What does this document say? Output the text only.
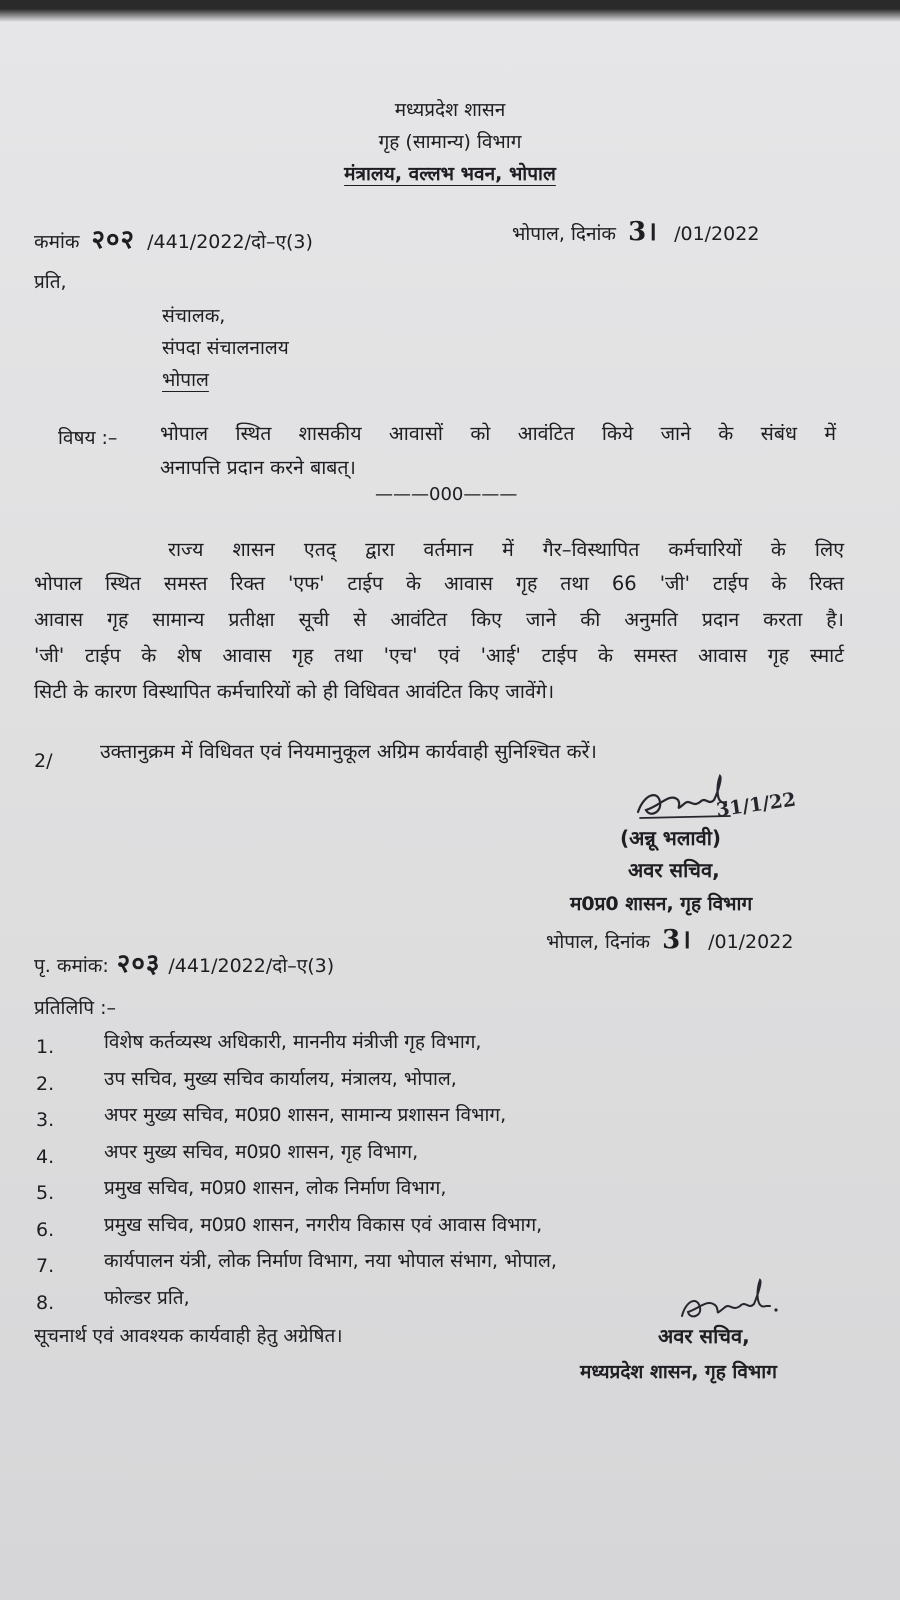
मध्यप्रदेश शासन
गृह (सामान्य) विभाग
मंत्रालय, वल्लभ भवन, भोपाल
कमांक २०२ /441/2022/दो–ए(3)	भोपाल, दिनांक 3। /01/2022
प्रति,
संचालक,
संपदा संचालनालय
भोपाल
विषय :– भोपाल स्थित शासकीय आवासों को आवंटित किये जाने के संबंध में
अनापत्ति प्रदान करने बाबत्।
———000———
राज्य शासन एतद् द्वारा वर्तमान में गैर–विस्थापित कर्मचारियों के लिए
भोपाल स्थित समस्त रिक्त 'एफ' टाईप के आवास गृह तथा 66 'जी' टाईप के रिक्त
आवास गृह सामान्य प्रतीक्षा सूची से आवंटित किए जाने की अनुमति प्रदान करता है।
'जी' टाईप के शेष आवास गृह तथा 'एच' एवं 'आई' टाईप के समस्त आवास गृह स्मार्ट
सिटी के कारण विस्थापित कर्मचारियों को ही विधिवत आवंटित किए जावेंगे।
2/ उक्तानुक्रम में विधिवत एवं नियमानुकूल अग्रिम कार्यवाही सुनिश्चित करें।
31/1/22
(अन्नू भलावी)
अवर सचिव,
म0प्र0 शासन, गृह विभाग
भोपाल, दिनांक 3। /01/2022
पृ. कमांक: २०३ /441/2022/दो–ए(3)
प्रतिलिपि :–
1.	विशेष कर्तव्यस्थ अधिकारी, माननीय मंत्रीजी गृह विभाग,
2.	उप सचिव, मुख्य सचिव कार्यालय, मंत्रालय, भोपाल,
3.	अपर मुख्य सचिव, म0प्र0 शासन, सामान्य प्रशासन विभाग,
4.	अपर मुख्य सचिव, म0प्र0 शासन, गृह विभाग,
5.	प्रमुख सचिव, म0प्र0 शासन, लोक निर्माण विभाग,
6.	प्रमुख सचिव, म0प्र0 शासन, नगरीय विकास एवं आवास विभाग,
7.	कार्यपालन यंत्री, लोक निर्माण विभाग, नया भोपाल संभाग, भोपाल,
8.	फोल्डर प्रति,
सूचनार्थ एवं आवश्यक कार्यवाही हेतु अग्रेषित।	अवर सचिव,
मध्यप्रदेश शासन, गृह विभाग
